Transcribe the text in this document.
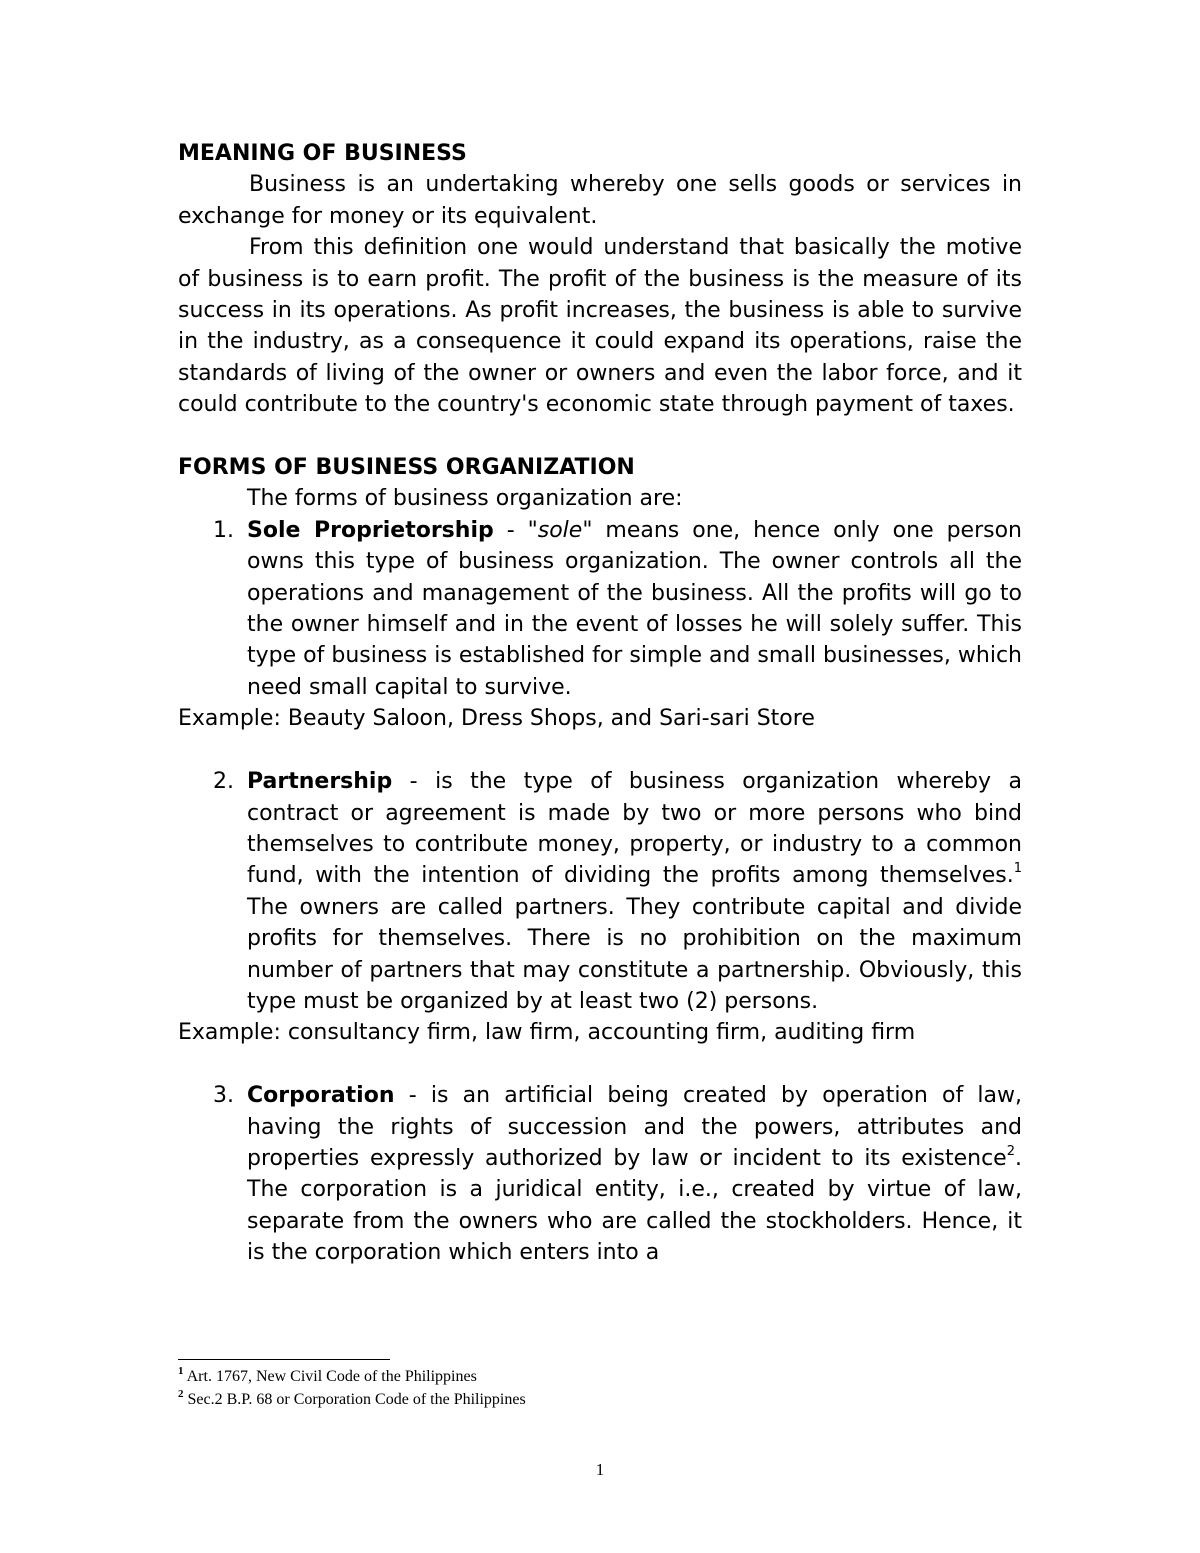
MEANING OF BUSINESS

Business is an undertaking whereby one sells goods or services in exchange for money or its equivalent.

From this definition one would understand that basically the motive of business is to earn profit. The profit of the business is the measure of its success in its operations. As profit increases, the business is able to survive in the industry, as a consequence it could expand its operations, raise the standards of living of the owner or owners and even the labor force, and it could contribute to the country's economic state through payment of taxes.

FORMS OF BUSINESS ORGANIZATION

The forms of business organization are:

1. Sole Proprietorship - "sole" means one, hence only one person owns this type of business organization. The owner controls all the operations and management of the business. All the profits will go to the owner himself and in the event of losses he will solely suffer. This type of business is established for simple and small businesses, which need small capital to survive.

Example: Beauty Saloon, Dress Shops, and Sari-sari Store

2. Partnership - is the type of business organization whereby a contract or agreement is made by two or more persons who bind themselves to contribute money, property, or industry to a common fund, with the intention of dividing the profits among themselves.$^1$ The owners are called partners. They contribute capital and divide profits for themselves. There is no prohibition on the maximum number of partners that may constitute a partnership. Obviously, this type must be organized by at least two (2) persons.

Example: consultancy firm, law firm, accounting firm, auditing firm

3. Corporation - is an artificial being created by operation of law, having the rights of succession and the powers, attributes and properties expressly authorized by law or incident to its existence$^2$. The corporation is a juridical entity, i.e., created by virtue of law, separate from the owners who are called the stockholders. Hence, it is the corporation which enters into a

$^1$ Art. 1767, New Civil Code of the Philippines

$^2$ Sec.2 B.P. 68 or Corporation Code of the Philippines

1
